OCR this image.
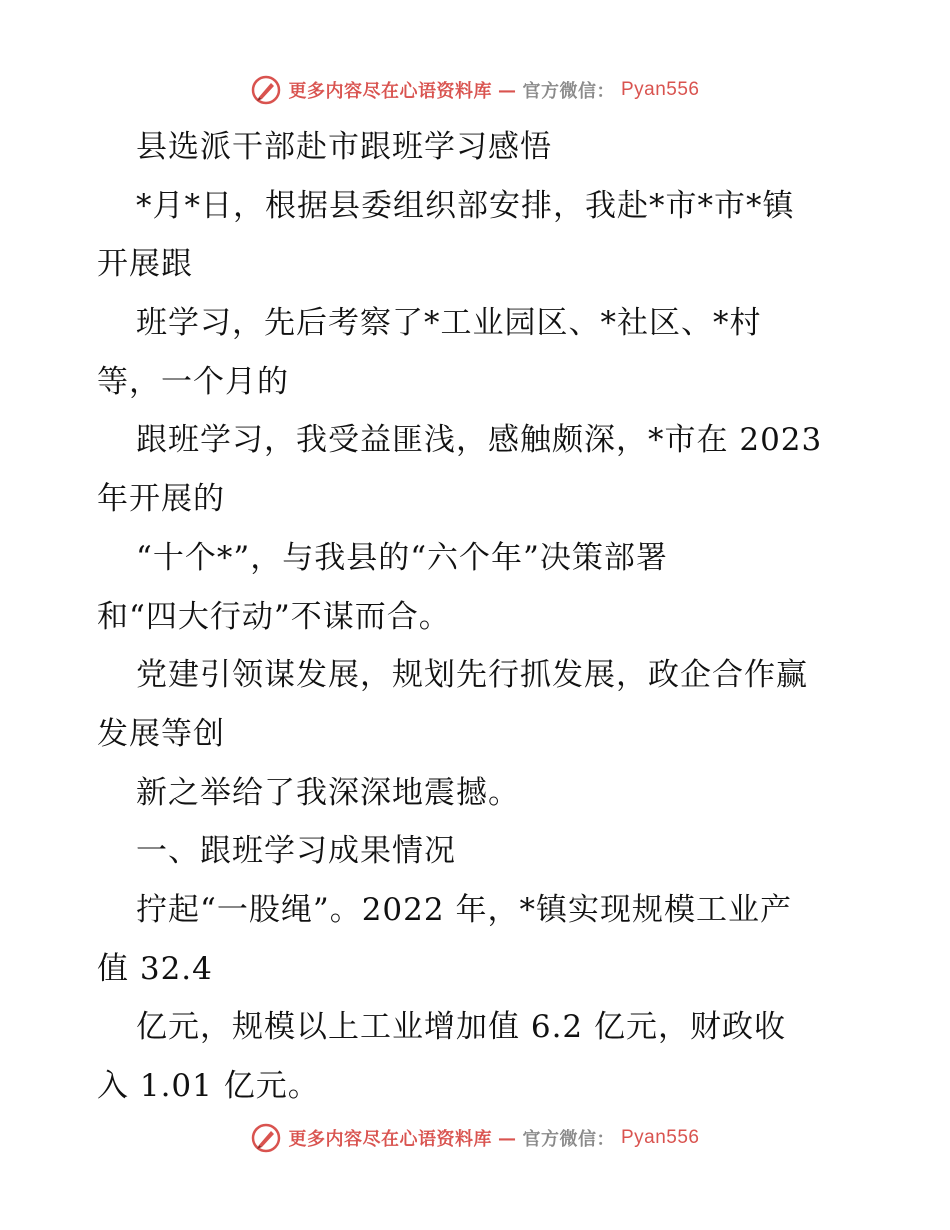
更多内容尽在心语资料库 — 官方微信： Pyan556
县选派干部赴市跟班学习感悟
*月*日，根据县委组织部安排，我赴*市*市*镇
开展跟
班学习，先后考察了*工业园区、*社区、*村
等，一个月的
跟班学习，我受益匪浅，感触颇深，*市在 2023
年开展的
“十个*”，与我县的“六个年”决策部署
和“四大行动”不谋而合。
党建引领谋发展，规划先行抓发展，政企合作赢
发展等创
新之举给了我深深地震撼。
一、跟班学习成果情况
拧起“一股绳”。2022 年，*镇实现规模工业产
值 32.4
亿元，规模以上工业增加值 6.2 亿元，财政收
入 1.01 亿元。
更多内容尽在心语资料库 — 官方微信： Pyan556
